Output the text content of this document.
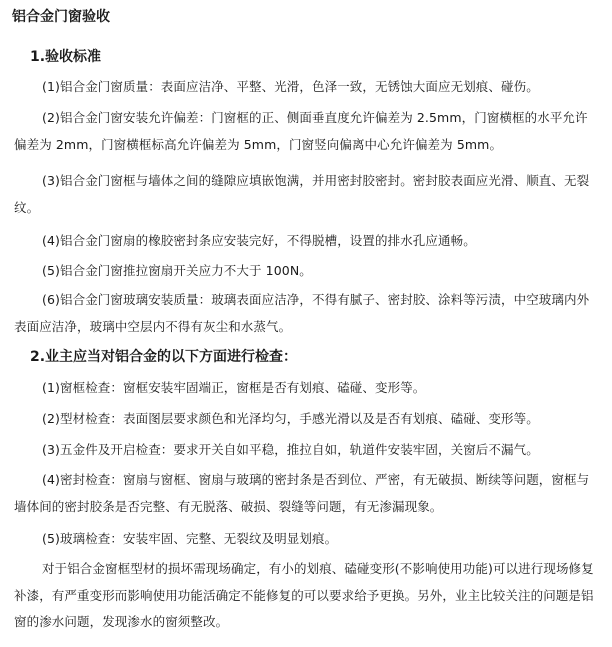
铝合金门窗验收
1.验收标准

(1)铝合金门窗质量：表面应洁净、平整、光滑，色泽一致，无锈蚀大面应无划痕、碰伤。

(2)铝合金门窗安装允许偏差：门窗框的正、侧面垂直度允许偏差为 2.5mm，门窗横框的水平允许偏差为 2mm，门窗横框标高允许偏差为 5mm，门窗竖向偏离中心允许偏差为 5mm。

(3)铝合金门窗框与墙体之间的缝隙应填嵌饱满，并用密封胶密封。密封胶表面应光滑、顺直、无裂纹。

(4)铝合金门窗扇的橡胶密封条应安装完好，不得脱槽，设置的排水孔应通畅。

(5)铝合金门窗推拉窗扇开关应力不大于 100N。

(6)铝合金门窗玻璃安装质量：玻璃表面应洁净，不得有腻子、密封胶、涂料等污渍，中空玻璃内外表面应洁净，玻璃中空层内不得有灰尘和水蒸气。

2.业主应当对铝合金的以下方面进行检查：

(1)窗框检查：窗框安装牢固端正，窗框是否有划痕、磕碰、变形等。

(2)型材检查：表面图层要求颜色和光泽均匀，手感光滑以及是否有划痕、磕碰、变形等。

(3)五金件及开启检查：要求开关自如平稳，推拉自如，轨道件安装牢固，关窗后不漏气。

(4)密封检查：窗扇与窗框、窗扇与玻璃的密封条是否到位、严密，有无破损、断续等问题，窗框与墙体间的密封胶条是否完整、有无脱落、破损、裂缝等问题，有无渗漏现象。

(5)玻璃检查：安装牢固、完整、无裂纹及明显划痕。

对于铝合金窗框型材的损坏需现场确定，有小的划痕、磕碰变形(不影响使用功能)可以进行现场修复补漆，有严重变形而影响使用功能活确定不能修复的可以要求给予更换。另外，业主比较关注的问题是铝窗的渗水问题，发现渗水的窗须整改。
